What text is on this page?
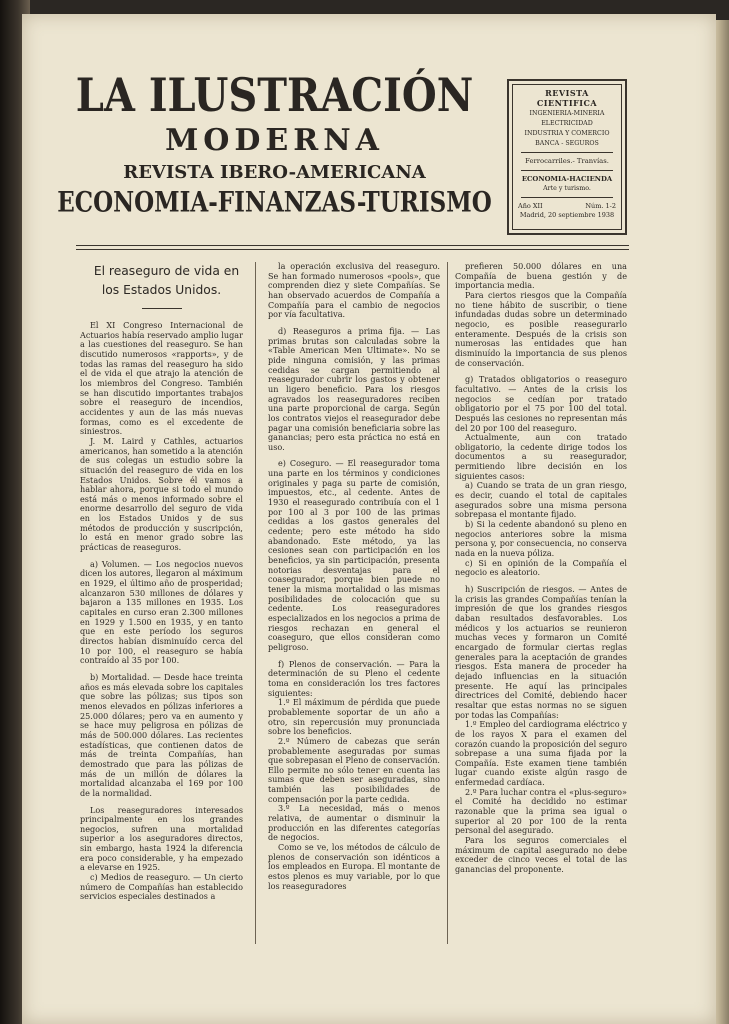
LA ILUSTRACIÓN
MODERNA
REVISTA IBERO-AMERICANA
ECONOMIA-FINANZAS-TURISMO
REVISTA CIENTIFICA
INGENIERIA-MINERIA
ELECTRICIDAD
INDUSTRIA Y COMERCIO
BANCA - SEGUROS
Ferrocarriles.- Tranvías.
ECONOMIA-HACIENDA
Arte y turismo.
Año XII	Núm. 1-2
Madrid, 20 septiembre 1938

El reaseguro de vida en los Estados Unidos.

El XI Congreso Internacional de Actuarios había reservado amplio lugar a las cuestiones del reaseguro. Se han discutido numerosos «rapports», y de todas las ramas del reaseguro ha sido el de vida el que atrajo la atención de los miembros del Congreso. También se han discutido importantes trabajos sobre el reaseguro de incendios, accidentes y aun de las más nuevas formas, como es el excedente de siniestros.

J. M. Laird y Cathles, actuarios americanos, han sometido a la atención de sus colegas un estudio sobre la situación del reaseguro de vida en los Estados Unidos. Sobre él vamos a hablar ahora, porque si todo el mundo está más o menos informado sobre el enorme desarrollo del seguro de vida en los Estados Unidos y de sus métodos de producción y suscripción, lo está en menor grado sobre las prácticas de reaseguros.

a) Volumen. — Los negocios nuevos dicen los autores, llegaron al máximum en 1929, el último año de prosperidad; alcanzaron 530 millones de dólares y bajaron a 135 millones en 1935. Los capitales en curso eran 2.300 millones en 1929 y 1.500 en 1935, y en tanto que en este período los seguros directos habían disminuído cerca del 10 por 100, el reaseguro se había contraído al 35 por 100.

b) Mortalidad. — Desde hace treinta años es más elevada sobre los capitales que sobre las pólizas; sus tipos son menos elevados en pólizas inferiores a 25.000 dólares; pero va en aumento y se hace muy peligrosa en pólizas de más de 500.000 dólares. Las recientes estadísticas, que contienen datos de más de treinta Compañías, han demostrado que para las pólizas de más de un millón de dólares la mortalidad alcanzaba el 169 por 100 de la normalidad.

Los reaseguradores interesados principalmente en los grandes negocios, sufren una mortalidad superior a los aseguradores directos, sin embargo, hasta 1924 la diferencia era poco considerable, y ha empezado a elevarse en 1925.

c) Medios de reaseguro. — Un cierto número de Compañías han establecido servicios especiales destinados a

la operación exclusiva del reaseguro. Se han formado numerosos «pools», que comprenden diez y siete Compañías. Se han observado acuerdos de Compañía a Compañía para el cambio de negocios por vía facultativa.

d) Reaseguros a prima fija. — Las primas brutas son calculadas sobre la «Table American Men Ultimate». No se pide ninguna comisión, y las primas cedidas se cargan permitiendo al reasegurador cubrir los gastos y obtener un ligero beneficio. Para los riesgos agravados los reaseguradores reciben una parte proporcional de carga. Según los contratos viejos el reasegurador debe pagar una comisión beneficiaria sobre las ganancias; pero esta práctica no está en uso.

e) Coseguro. — El reasegurador toma una parte en los términos y condiciones originales y paga su parte de comisión, impuestos, etc., al cedente. Antes de 1930 el reasegurado contribuía con el 1 por 100 al 3 por 100 de las primas cedidas a los gastos generales del cedente; pero este método ha sido abandonado. Este método, ya las cesiones sean con participación en los beneficios, ya sin participación, presenta notorias desventajas para el coasegurador, porque bien puede no tener la misma mortalidad o las mismas posibilidades de colocación que su cedente. Los reaseguradores especializados en los negocios a prima de riesgos rechazan en general el coaseguro, que ellos consideran como peligroso.

f) Plenos de conservación. — Para la determinación de su Pleno el cedente toma en consideración los tres factores siguientes:

1.º El máximum de pérdida que puede probablemente soportar de un año a otro, sin repercusión muy pronunciada sobre los beneficios.

2.º Número de cabezas que serán probablemente aseguradas por sumas que sobrepasan el Pleno de conservación. Ello permite no sólo tener en cuenta las sumas que deben ser aseguradas, sino también las posibilidades de compensación por la parte cedida.

3.º La necesidad, más o menos relativa, de aumentar o disminuir la producción en las diferentes categorías de negocios.

Como se ve, los métodos de cálculo de plenos de conservación son idénticos a los empleados en Europa. El montante de estos plenos es muy variable, por lo que los reaseguradores

prefieren 50.000 dólares en una Compañía de buena gestión y de importancia media.

Para ciertos riesgos que la Compañía no tiene hábito de suscribir, o tiene infundadas dudas sobre un determinado negocio, es posible reasegurarlo enteramente. Después de la crisis son numerosas las entidades que han disminuído la importancia de sus plenos de conservación.

g) Tratados obligatorios o reaseguro facultativo. — Antes de la crisis los negocios se cedían por tratado obligatorio por el 75 por 100 del total. Después las cesiones no representan más del 20 por 100 del reaseguro.

Actualmente, aun con tratado obligatorio, la cedente dirige todos los documentos a su reasegurador, permitiendo libre decisión en los siguientes casos:

a) Cuando se trata de un gran riesgo, es decir, cuando el total de capitales asegurados sobre una misma persona sobrepasa el montante fijado.

b) Si la cedente abandonó su pleno en negocios anteriores sobre la misma persona y, por consecuencia, no conserva nada en la nueva póliza.

c) Si en opinión de la Compañía el negocio es aleatorio.

h) Suscripción de riesgos. — Antes de la crisis las grandes Compañías tenían la impresión de que los grandes riesgos daban resultados desfavorables. Los médicos y los actuarios se reunieron muchas veces y formaron un Comité encargado de formular ciertas reglas generales para la aceptación de grandes riesgos. Esta manera de proceder ha dejado influencias en la situación presente. He aquí las principales directrices del Comité, debiendo hacer resaltar que estas normas no se siguen por todas las Compañías:

1.º Empleo del cardiograma eléctrico y de los rayos X para el examen del corazón cuando la proposición del seguro sobrepase a una suma fijada por la Compañía. Este examen tiene también lugar cuando existe algún rasgo de enfermedad cardíaca.

2.º Para luchar contra el «plus-seguro» el Comité ha decidido no estimar razonable que la prima sea igual o superior al 20 por 100 de la renta personal del asegurado.

Para los seguros comerciales el máximum de capital asegurado no debe exceder de cinco veces el total de las ganancias del proponente.
